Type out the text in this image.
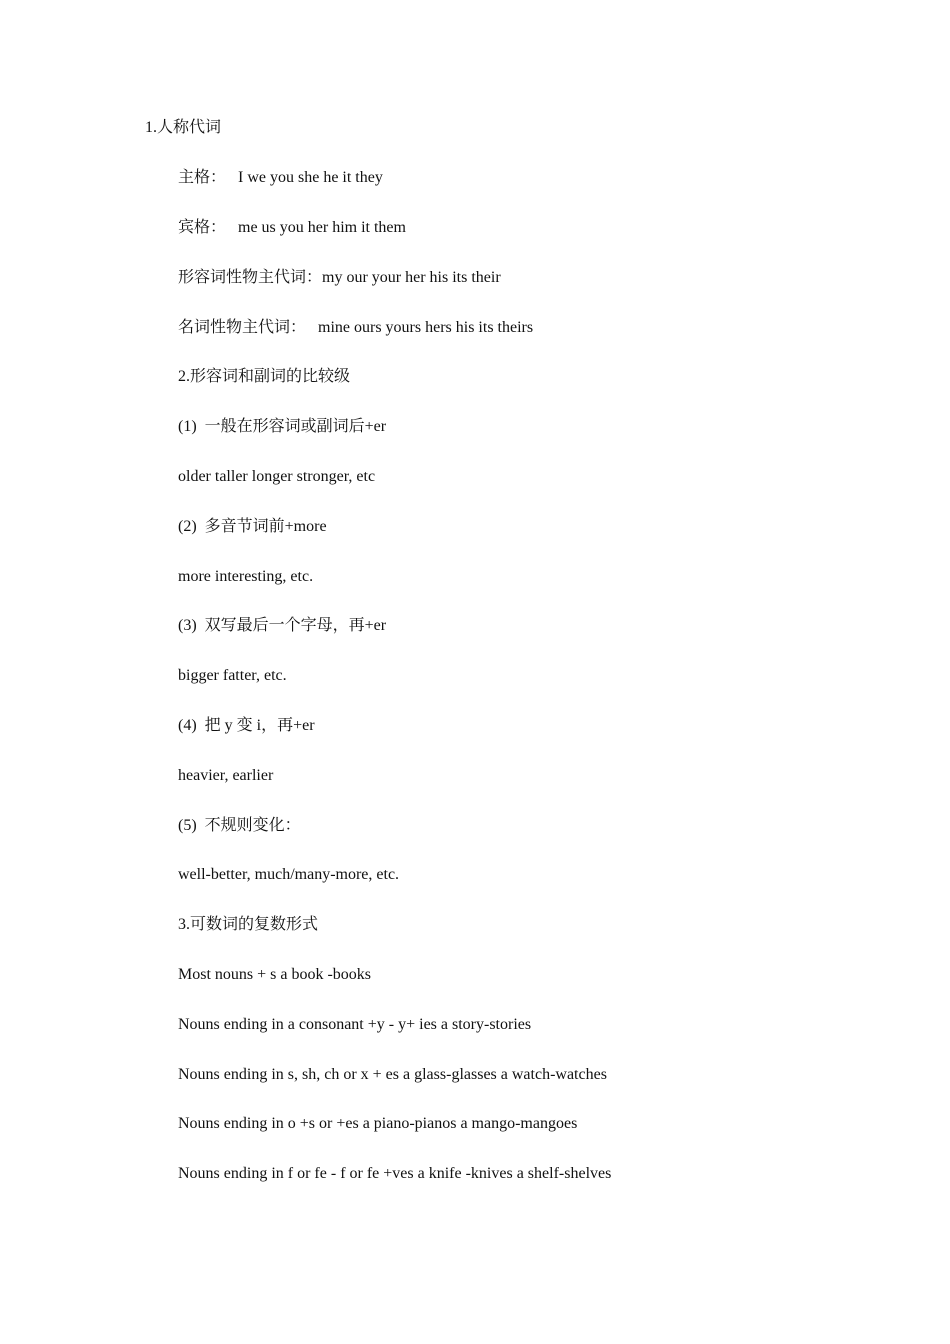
1.人称代词
主格：   I we you she he it they
宾格：   me us you her him it them
形容词性物主代词：my our your her his its their
名词性物主代词：   mine ours yours hers his its theirs
2.形容词和副词的比较级
(1)  一般在形容词或副词后+er
older taller longer stronger, etc
(2)  多音节词前+more
more interesting, etc.
(3)  双写最后一个字母，再+er
bigger fatter, etc.
(4)  把 y 变 i，再+er
heavier, earlier
(5)  不规则变化：
well-better, much/many-more, etc.
3.可数词的复数形式
Most nouns + s a book -books
Nouns ending in a consonant +y - y+ ies a story-stories
Nouns ending in s, sh, ch or x + es a glass-glasses a watch-watches
Nouns ending in o +s or +es a piano-pianos a mango-mangoes
Nouns ending in f or fe - f or fe +ves a knife -knives a shelf-shelves
